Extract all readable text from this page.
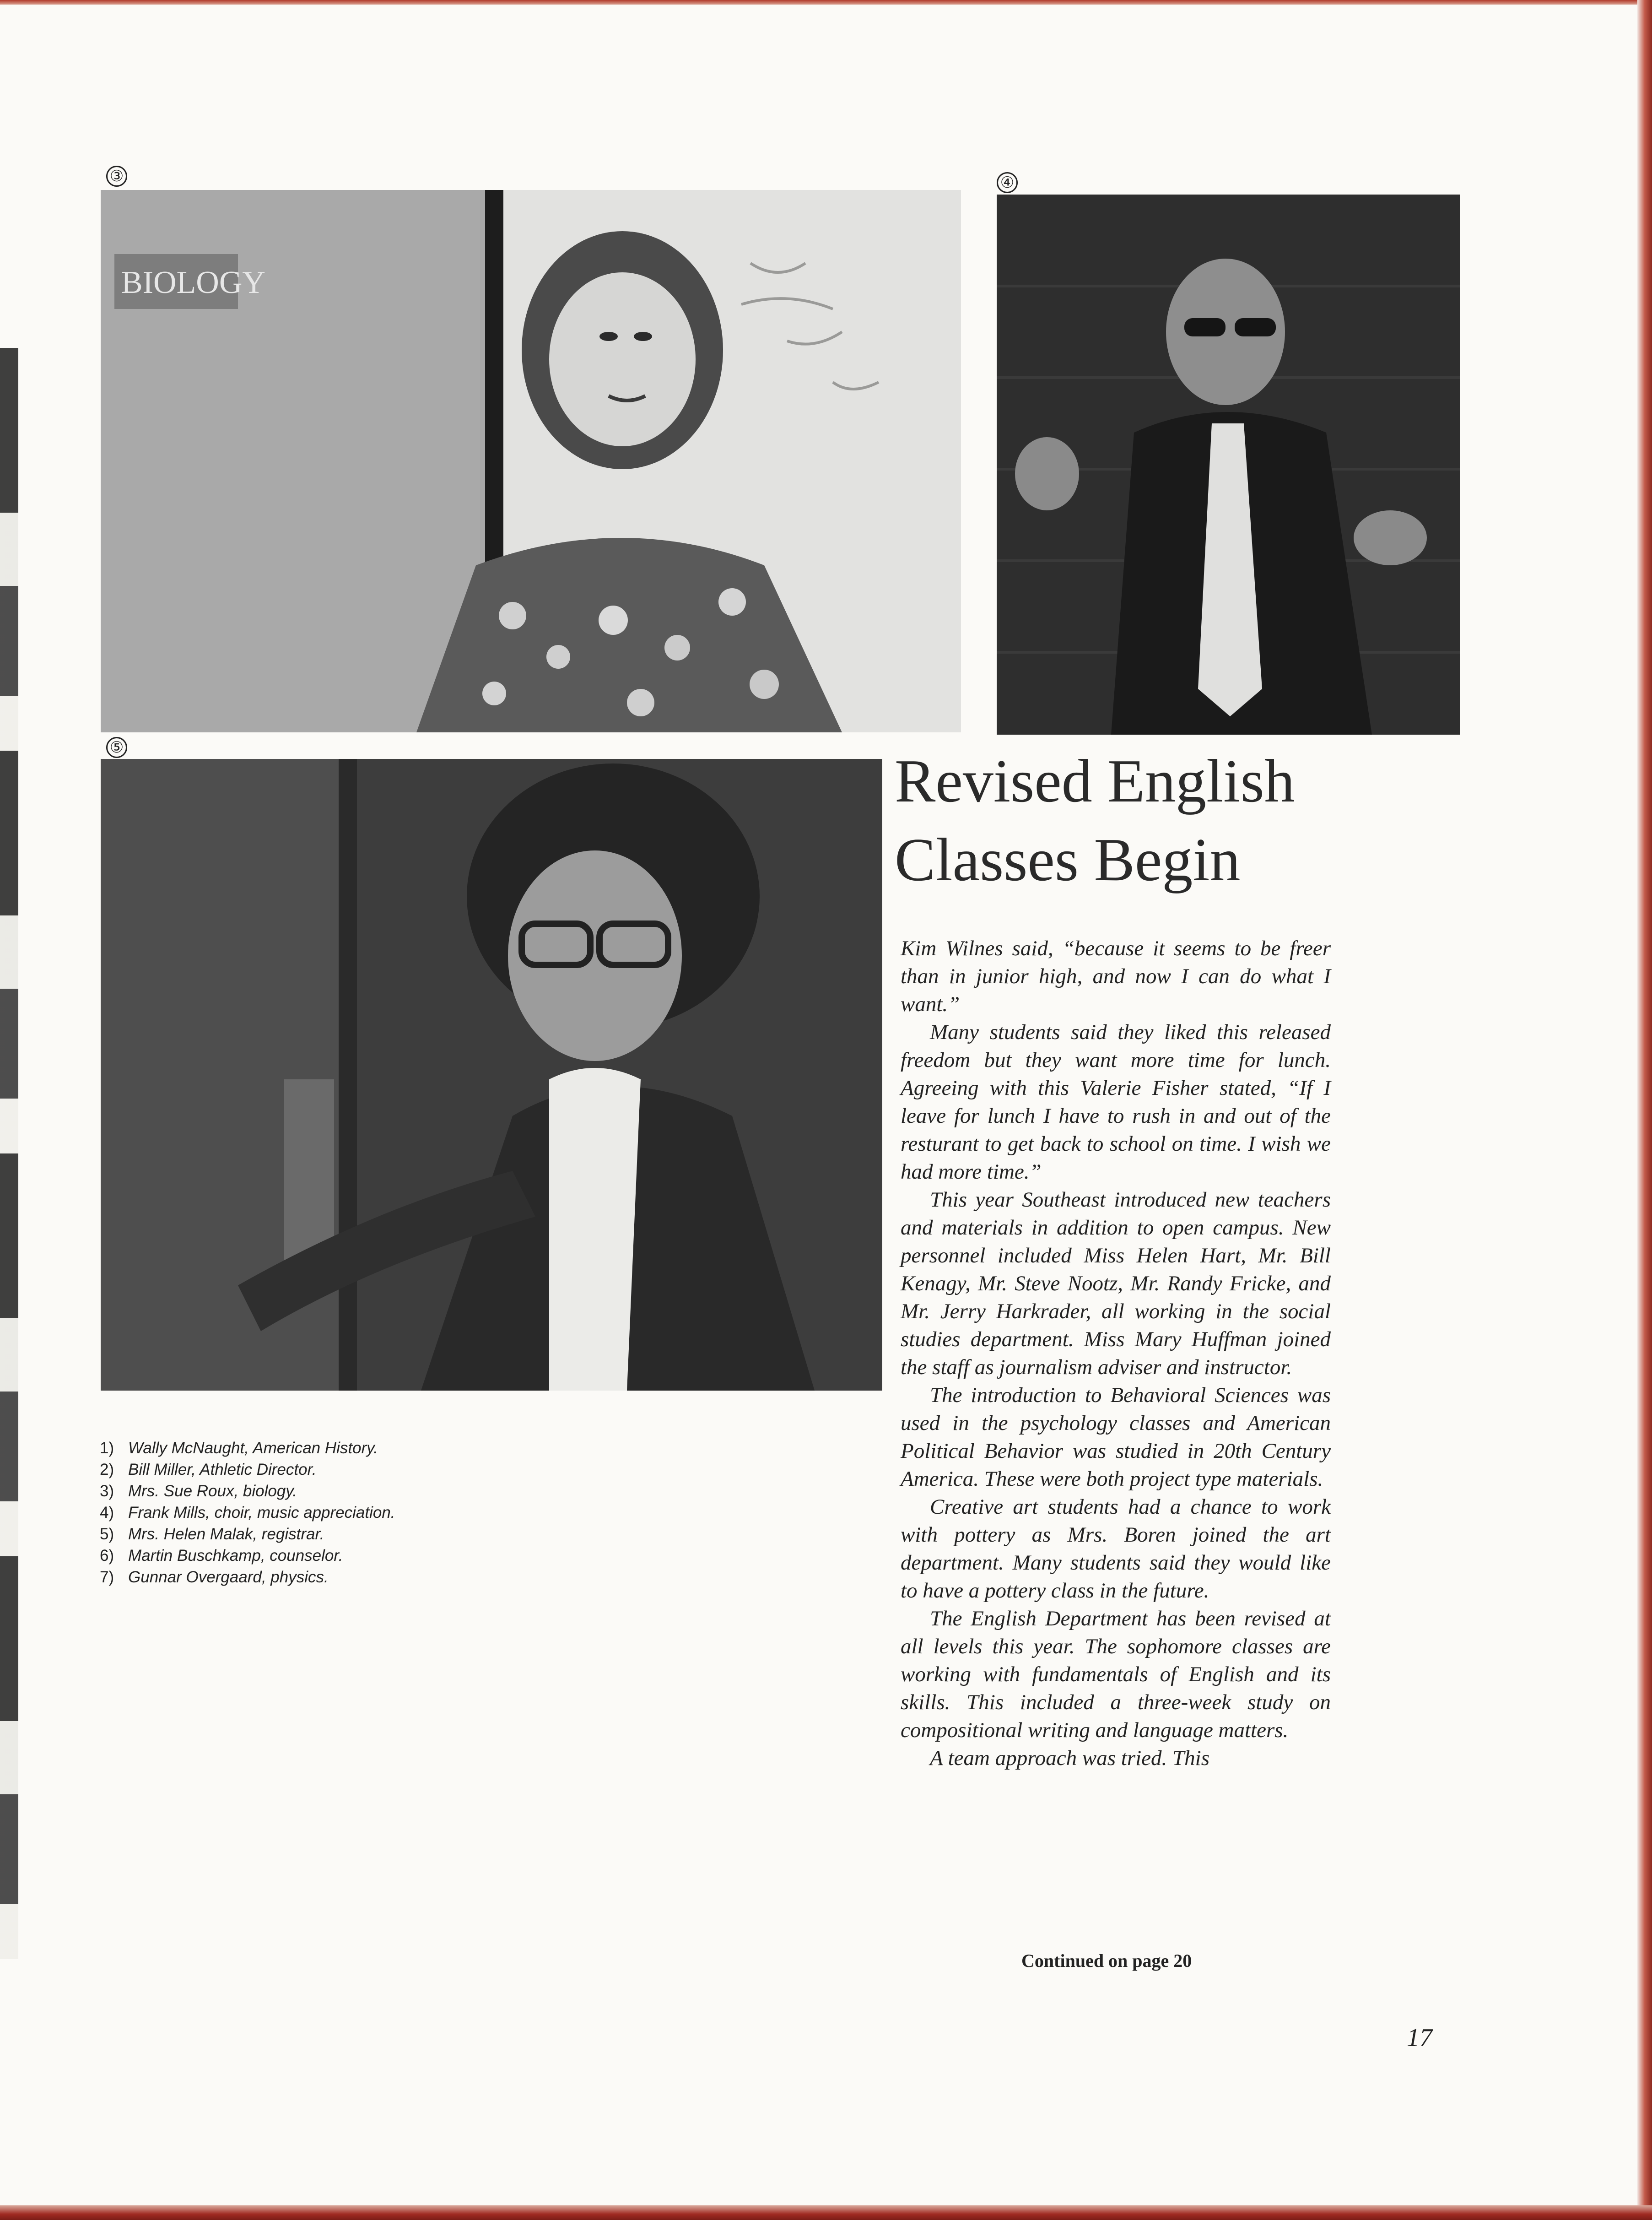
③
BIOLOGY
④
⑤	Revised English
Classes Begin

Kim Wilnes said, “because it seems to be freer than in junior high, and now I can do what I want.”

Many students said they liked this released freedom but they want more time for lunch. Agreeing with this Valerie Fisher stated, “If I leave for lunch I have to rush in and out of the resturant to get back to school on time. I wish we had more time.”

This year Southeast introduced new teachers and materials in addition to open campus. New personnel included Miss Helen Hart, Mr. Bill Kenagy, Mr. Steve Nootz, Mr. Randy Fricke, and Mr. Jerry Harkrader, all working in the social studies department. Miss Mary Huffman joined the staff as journalism adviser and instructor.

The introduction to Behavioral Sciences was used in the psychology classes and American Political Behavior was studied in 20th Century America. These were both project type materials.

Creative art students had a chance to work with pottery as Mrs. Boren joined the art department. Many students said they would like to have a pottery class in the future.

The English Department has been revised at all levels this year. The sophomore classes are working with fundamentals of English and its skills. This included a three-week study on compositional writing and language matters.

A team approach was tried. This

Continued on page 20
1) Wally McNaught, American History.
2) Bill Miller, Athletic Director.
3) Mrs. Sue Roux, biology.
4) Frank Mills, choir, music appreciation.
5) Mrs. Helen Malak, registrar.
6) Martin Buschkamp, counselor.
7) Gunnar Overgaard, physics.
17
